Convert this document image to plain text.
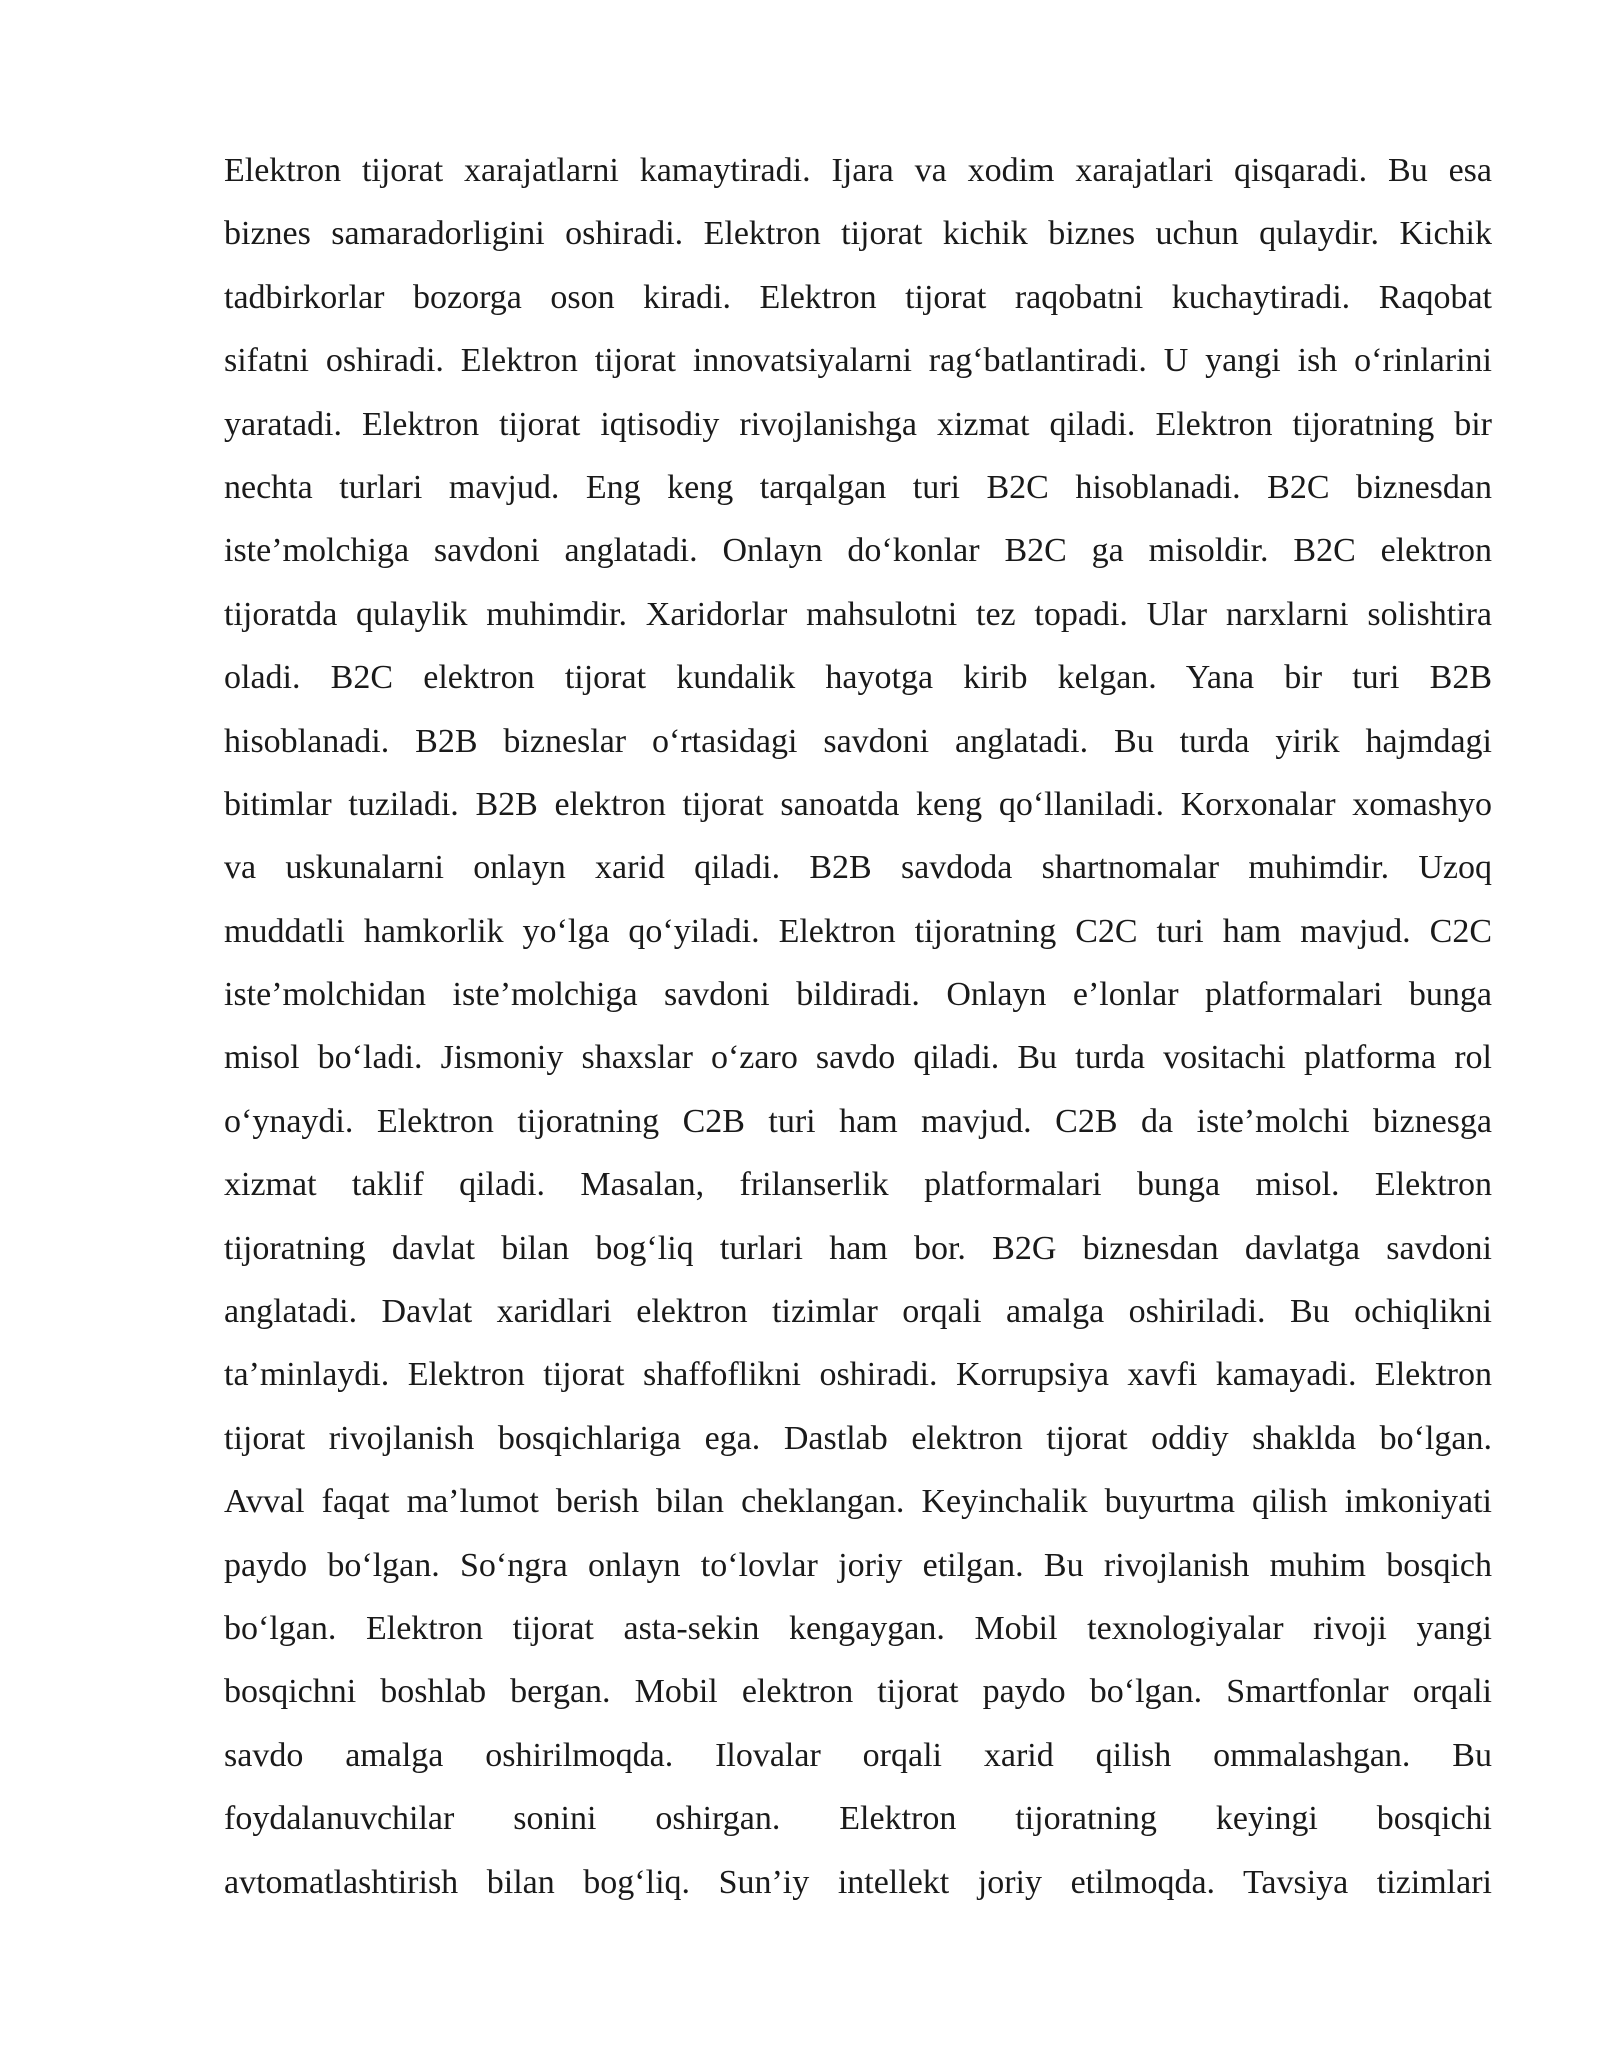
Elektron tijorat xarajatlarni kamaytiradi. Ijara va xodim xarajatlari qisqaradi. Bu esa
biznes samaradorligini oshiradi. Elektron tijorat kichik biznes uchun qulaydir. Kichik
tadbirkorlar bozorga oson kiradi. Elektron tijorat raqobatni kuchaytiradi. Raqobat
sifatni oshiradi. Elektron tijorat innovatsiyalarni rag‘batlantiradi. U yangi ish o‘rinlarini
yaratadi. Elektron tijorat iqtisodiy rivojlanishga xizmat qiladi. Elektron tijoratning bir
nechta turlari mavjud. Eng keng tarqalgan turi B2C hisoblanadi. B2C biznesdan
iste’molchiga savdoni anglatadi. Onlayn do‘konlar B2C ga misoldir. B2C elektron
tijoratda qulaylik muhimdir. Xaridorlar mahsulotni tez topadi. Ular narxlarni solishtira
oladi. B2C elektron tijorat kundalik hayotga kirib kelgan. Yana bir turi B2B
hisoblanadi. B2B bizneslar o‘rtasidagi savdoni anglatadi. Bu turda yirik hajmdagi
bitimlar tuziladi. B2B elektron tijorat sanoatda keng qo‘llaniladi. Korxonalar xomashyo
va uskunalarni onlayn xarid qiladi. B2B savdoda shartnomalar muhimdir. Uzoq
muddatli hamkorlik yo‘lga qo‘yiladi. Elektron tijoratning C2C turi ham mavjud. C2C
iste’molchidan iste’molchiga savdoni bildiradi. Onlayn e’lonlar platformalari bunga
misol bo‘ladi. Jismoniy shaxslar o‘zaro savdo qiladi. Bu turda vositachi platforma rol
o‘ynaydi. Elektron tijoratning C2B turi ham mavjud. C2B da iste’molchi biznesga
xizmat taklif qiladi. Masalan, frilanserlik platformalari bunga misol. Elektron
tijoratning davlat bilan bog‘liq turlari ham bor. B2G biznesdan davlatga savdoni
anglatadi. Davlat xaridlari elektron tizimlar orqali amalga oshiriladi. Bu ochiqlikni
ta’minlaydi. Elektron tijorat shaffoflikni oshiradi. Korrupsiya xavfi kamayadi. Elektron
tijorat rivojlanish bosqichlariga ega. Dastlab elektron tijorat oddiy shaklda bo‘lgan.
Avval faqat ma’lumot berish bilan cheklangan. Keyinchalik buyurtma qilish imkoniyati
paydo bo‘lgan. So‘ngra onlayn to‘lovlar joriy etilgan. Bu rivojlanish muhim bosqich
bo‘lgan. Elektron tijorat asta-sekin kengaygan. Mobil texnologiyalar rivoji yangi
bosqichni boshlab bergan. Mobil elektron tijorat paydo bo‘lgan. Smartfonlar orqali
savdo amalga oshirilmoqda. Ilovalar orqali xarid qilish ommalashgan. Bu
foydalanuvchilar sonini oshirgan. Elektron tijoratning keyingi bosqichi
avtomatlashtirish bilan bog‘liq. Sun’iy intellekt joriy etilmoqda. Tavsiya tizimlari
